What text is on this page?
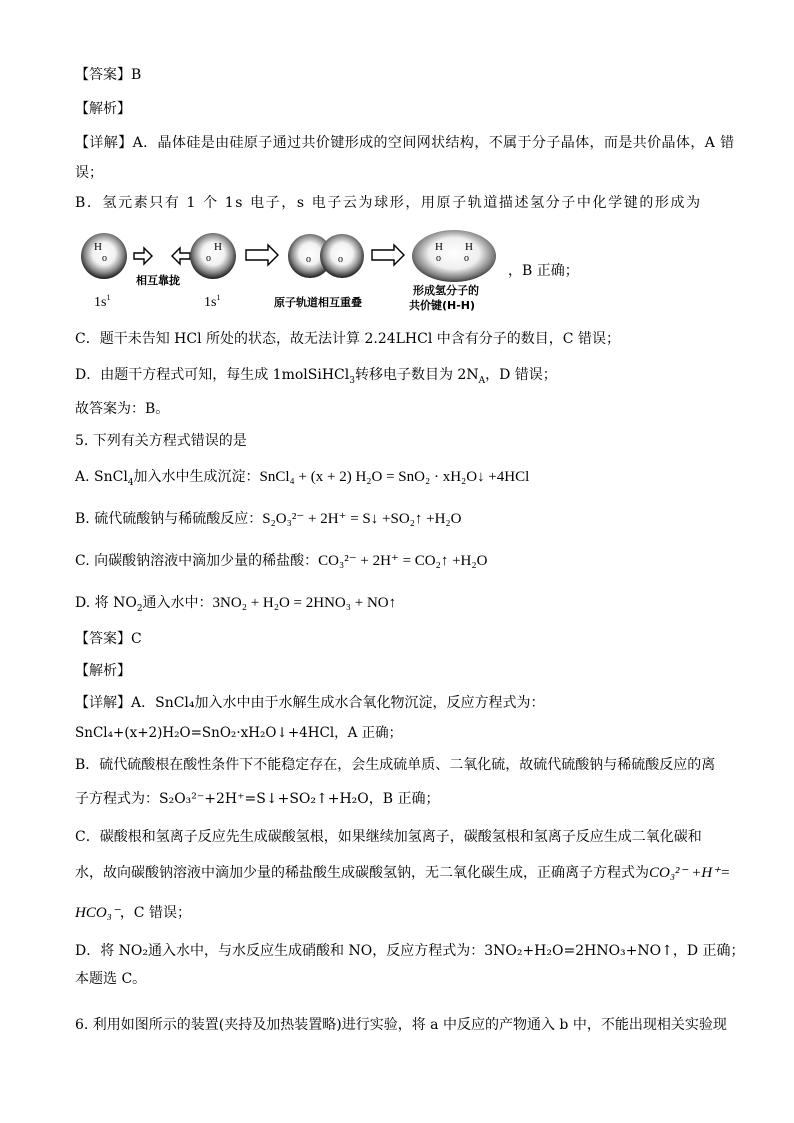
【答案】B
【解析】
【详解】A．晶体硅是由硅原子通过共价键形成的空间网状结构，不属于分子晶体，而是共价晶体，A 错
误；
B．氢元素只有 1 个 1s 电子，s 电子云为球形，用原子轨道描述氢分子中化学键的形成为
H
o
$1s^1$
相互靠拢
H
o
$1s^1$
o	o
原子轨道相互重叠
H H
o o
形成氢分子的
共价键(H-H)
，B 正确；
C．题干未告知 HCl 所处的状态，故无法计算 2.24LHCl 中含有分子的数目，C 错误；
D．由题干方程式可知，每生成 1molSiHCl$_3$转移电子数目为 $2N_A$，D 错误；
故答案为：B。
5. 下列有关方程式错误的是
A. SnCl$_4$加入水中生成沉淀：SnCl₄ + (x + 2) H₂O = SnO₂ · xH₂O↓ +4HCl
B. 硫代硫酸钠与稀硫酸反应：S₂O₃²⁻ + 2H⁺ = S↓ +SO₂↑ +H₂O
C. 向碳酸钠溶液中滴加少量的稀盐酸：CO₃²⁻ + 2H⁺ = CO₂↑ +H₂O
D. 将 $NO_2$通入水中：3NO₂ + H₂O = 2HNO₃ + NO↑
【答案】C
【解析】
【详解】A．SnCl₄加入水中由于水解生成水合氧化物沉淀，反应方程式为：
SnCl₄+(x+2)H₂O=SnO₂·xH₂O↓+4HCl，A 正确；
B．硫代硫酸根在酸性条件下不能稳定存在，会生成硫单质、二氧化硫，故硫代硫酸钠与稀硫酸反应的离
子方程式为：S₂O₃²⁻+2H⁺=S↓+SO₂↑+H₂O，B 正确；
C．碳酸根和氢离子反应先生成碳酸氢根，如果继续加氢离子，碳酸氢根和氢离子反应生成二氧化碳和
水，故向碳酸钠溶液中滴加少量的稀盐酸生成碳酸氢钠，无二氧化碳生成，正确离子方程式为CO₃²⁻ +H⁺=
HCO₃⁻，C 错误；
D．将 NO₂通入水中，与水反应生成硝酸和 NO，反应方程式为：3NO₂+H₂O=2HNO₃+NO↑，D 正确；
本题选 C。
6. 利用如图所示的装置(夹持及加热装置略)进行实验，将 a 中反应的产物通入 b 中，不能出现相关实验现
